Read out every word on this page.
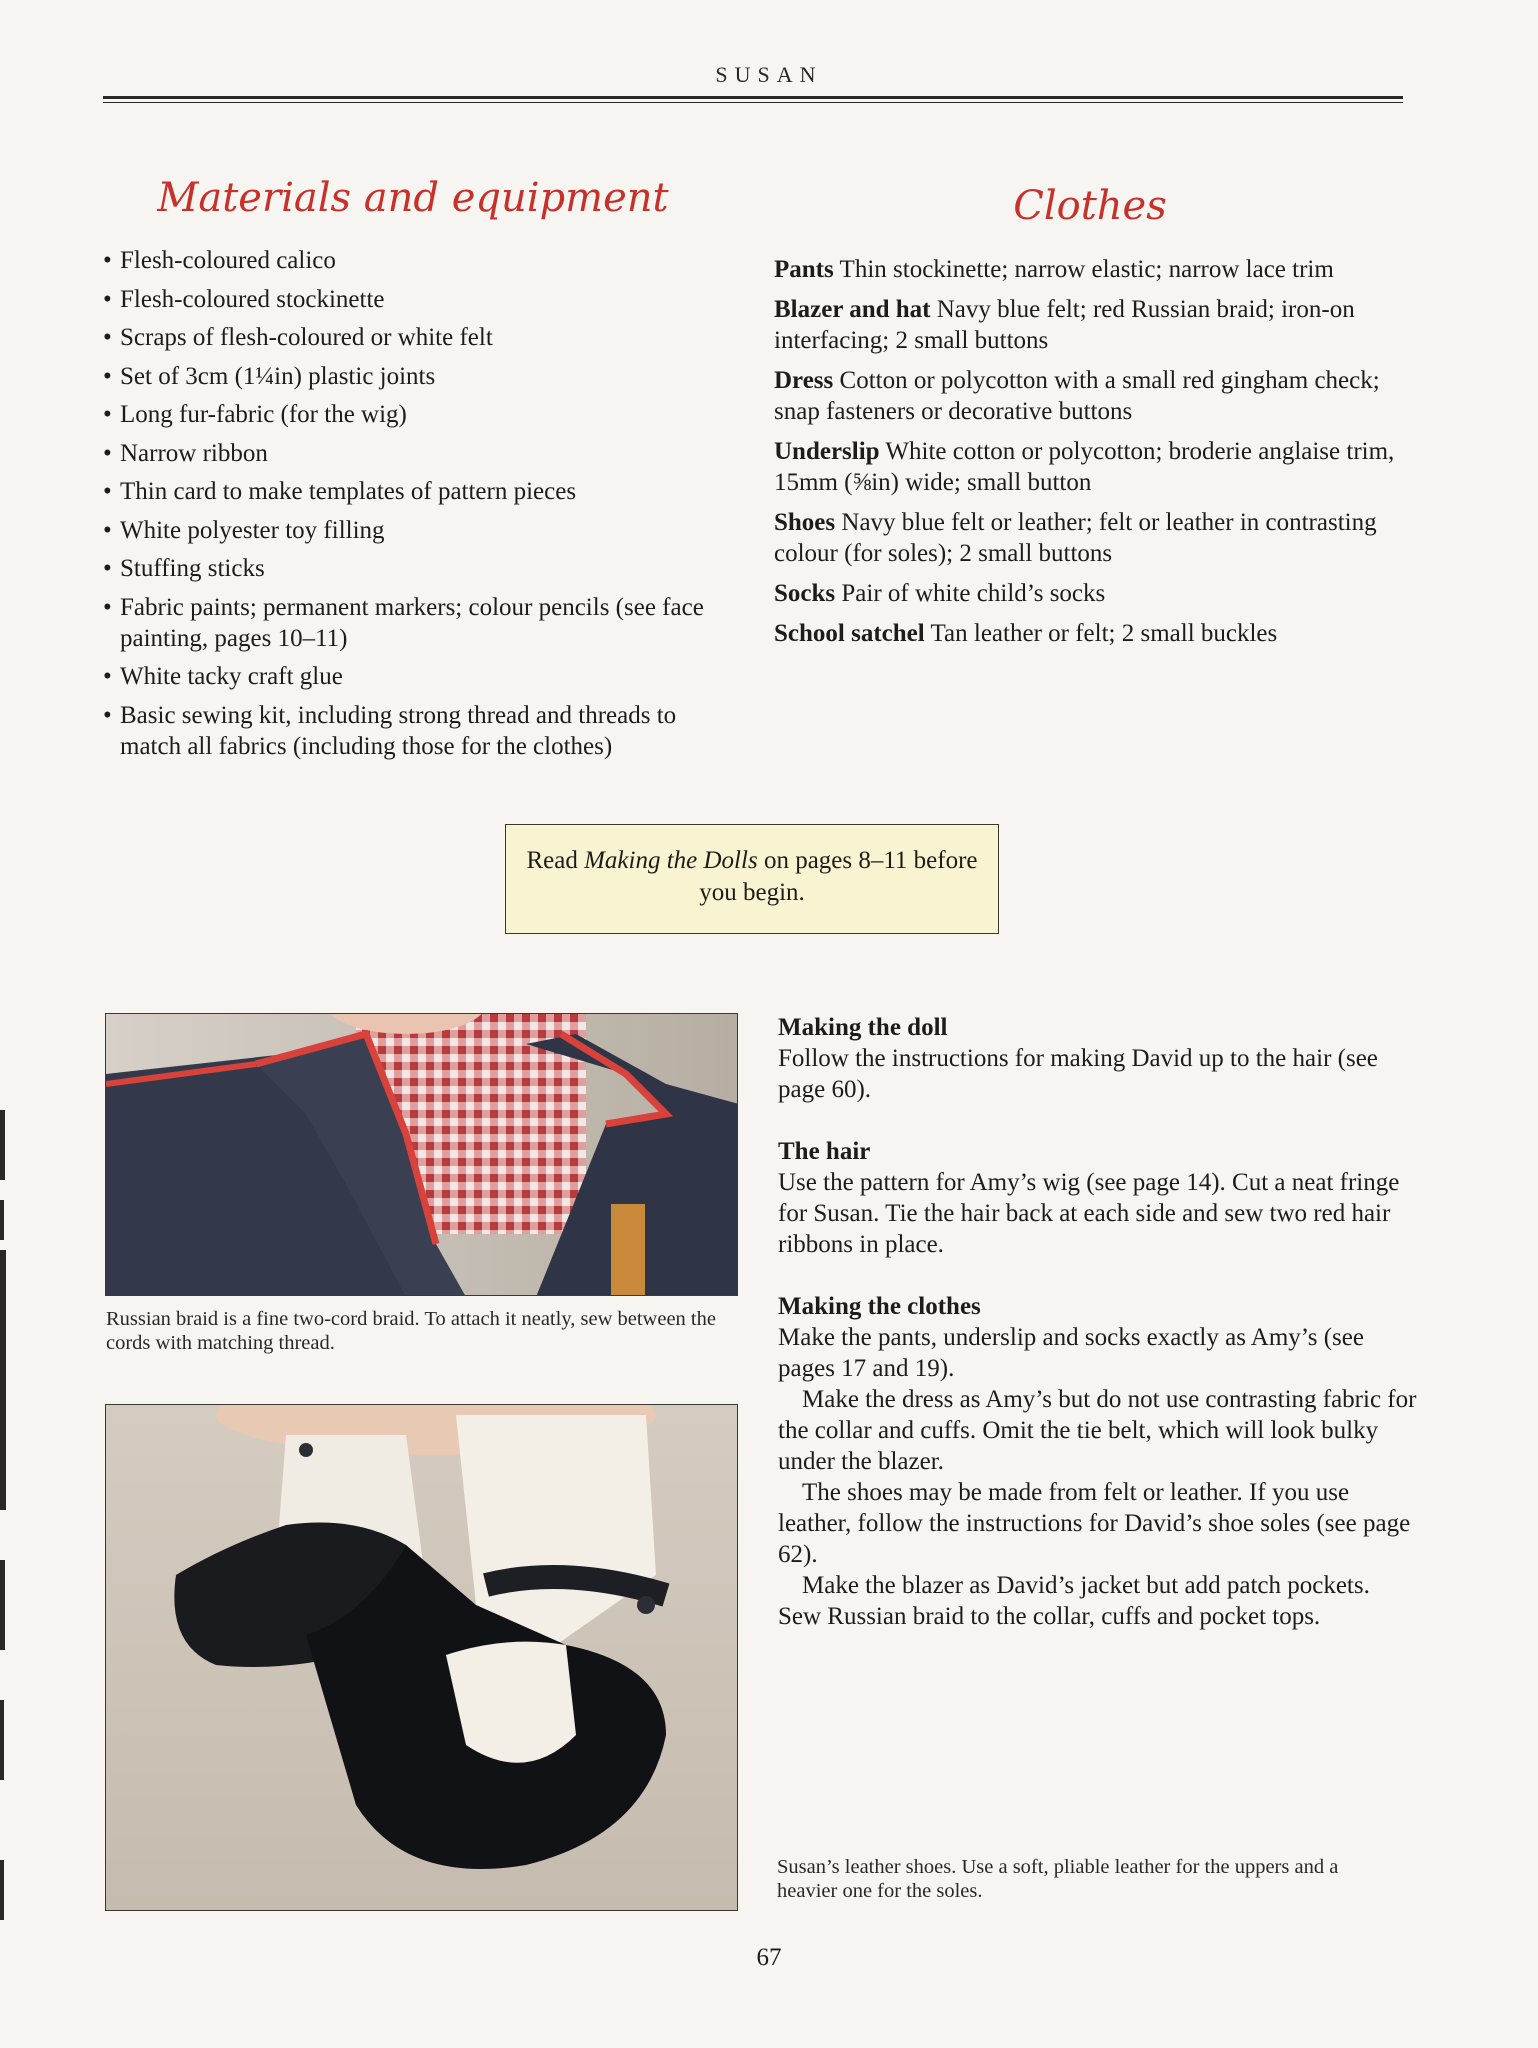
SUSAN
Materials and equipment
• Flesh-coloured calico
• Flesh-coloured stockinette
• Scraps of flesh-coloured or white felt
• Set of 3cm (1¼in) plastic joints
• Long fur-fabric (for the wig)
• Narrow ribbon
• Thin card to make templates of pattern pieces
• White polyester toy filling
• Stuffing sticks
• Fabric paints; permanent markers; colour pencils (see face painting, pages 10–11)
• White tacky craft glue
• Basic sewing kit, including strong thread and threads to match all fabrics (including those for the clothes)
Clothes
Pants Thin stockinette; narrow elastic; narrow lace trim
Blazer and hat Navy blue felt; red Russian braid; iron-on interfacing; 2 small buttons
Dress Cotton or polycotton with a small red gingham check; snap fasteners or decorative buttons
Underslip White cotton or polycotton; broderie anglaise trim, 15mm (⅝in) wide; small button
Shoes Navy blue felt or leather; felt or leather in contrasting colour (for soles); 2 small buttons
Socks Pair of white child’s socks
School satchel Tan leather or felt; 2 small buckles
Read Making the Dolls on pages 8–11 before you begin.
Russian braid is a fine two-cord braid. To attach it neatly, sew between the cords with matching thread.
Making the doll

Follow the instructions for making David up to the hair (see page 60).

The hair

Use the pattern for Amy’s wig (see page 14). Cut a neat fringe for Susan. Tie the hair back at each side and sew two red hair ribbons in place.

Making the clothes

Make the pants, underslip and socks exactly as Amy’s (see pages 17 and 19).

Make the dress as Amy’s but do not use contrasting fabric for the collar and cuffs. Omit the tie belt, which will look bulky under the blazer.

The shoes may be made from felt or leather. If you use leather, follow the instructions for David’s shoe soles (see page 62).

Make the blazer as David’s jacket but add patch pockets. Sew Russian braid to the collar, cuffs and pocket tops.

Susan’s leather shoes. Use a soft, pliable leather for the uppers and a heavier one for the soles.
67
